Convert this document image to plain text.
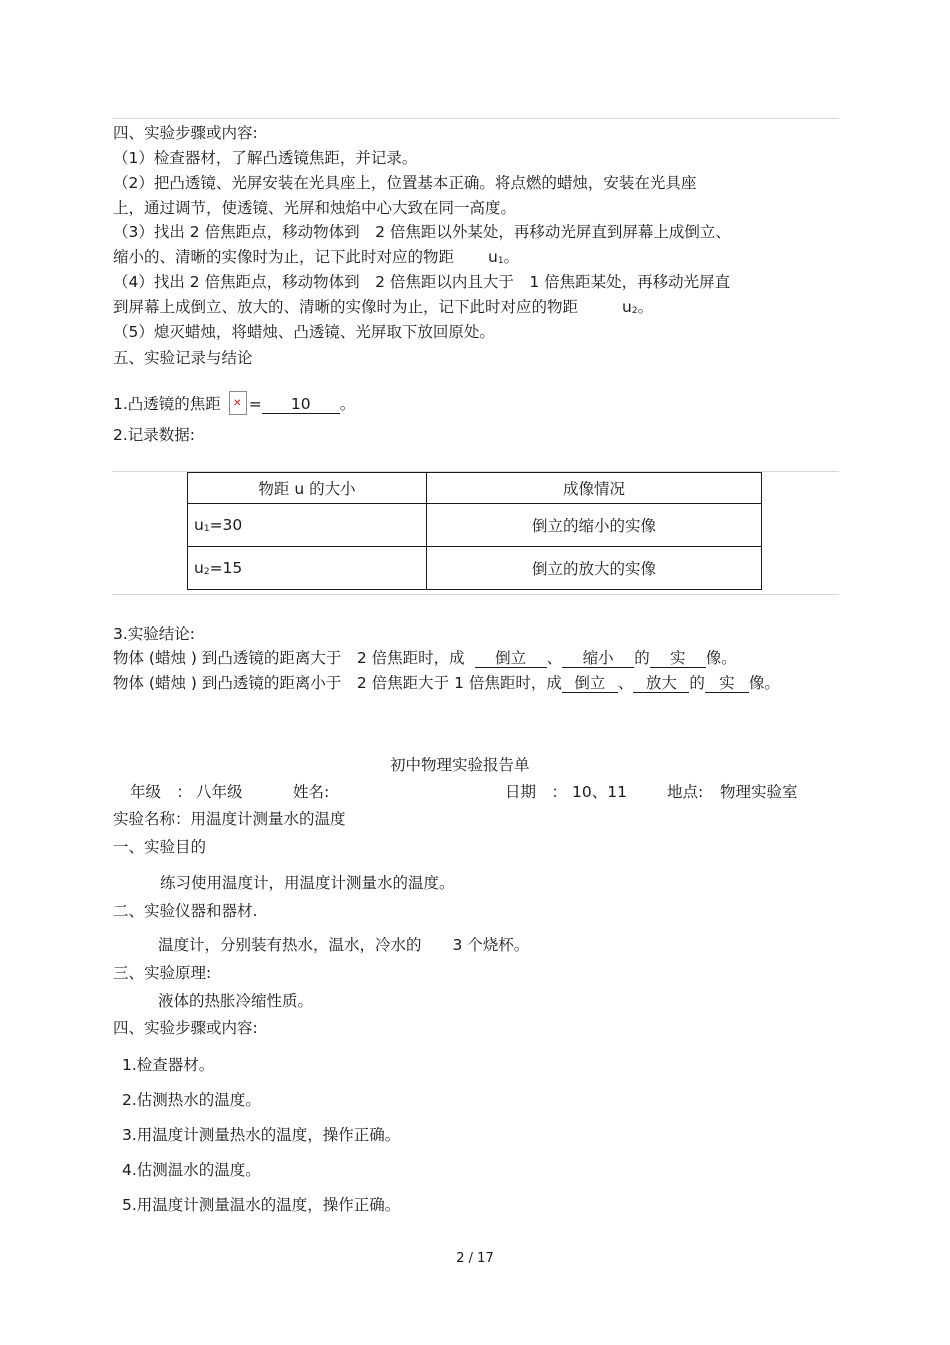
四、实验步骤或内容:
（1）检查器材，了解凸透镜焦距，并记录。
（2）把凸透镜、光屏安装在光具座上，位置基本正确。将点燃的蜡烛，安装在光具座
上，通过调节，使透镜、光屏和烛焰中心大致在同一高度。
（3）找出 2 倍焦距点，移动物体到　2 倍焦距以外某处，再移动光屏直到屏幕上成倒立、
缩小的、清晰的实像时为止，记下此时对应的物距 $u_1$。
（4）找出 2 倍焦距点，移动物体到　2 倍焦距以内且大于　1 倍焦距某处，再移动光屏直
到屏幕上成倒立、放大的、清晰的实像时为止，记下此时对应的物距	$u_2$。
（5）熄灭蜡烛，将蜡烛、凸透镜、光屏取下放回原处。
五、实验记录与结论
1.凸透镜的焦距 ✕ = 10 。
2.记录数据:
物距 u 的大小	成像情况
$u_1=30$	倒立的缩小的实像
$u_2=15$	倒立的放大的实像
3.实验结论:
物体 (蜡烛 ) 到凸透镜的距离大于　2 倍焦距时，成 倒立 、 缩小 的 实 像。
物体 (蜡烛 ) 到凸透镜的距离小于　2 倍焦距大于 1 倍焦距时，成 倒立 、 放大 的 实 像。
初中物理实验报告单
年级　： 八年级	姓名:	日期　： 10、11	地点: 物理实验室
实验名称：用温度计测量水的温度
一、实验目的
练习使用温度计，用温度计测量水的温度。
二、实验仪器和器材.
温度计，分别装有热水，温水，冷水的　　3 个烧杯。
三、实验原理:
液体的热胀冷缩性质。
四、实验步骤或内容:
1.检查器材。
2.估测热水的温度。
3.用温度计测量热水的温度，操作正确。
4.估测温水的温度。
5.用温度计测量温水的温度，操作正确。
2 / 17
